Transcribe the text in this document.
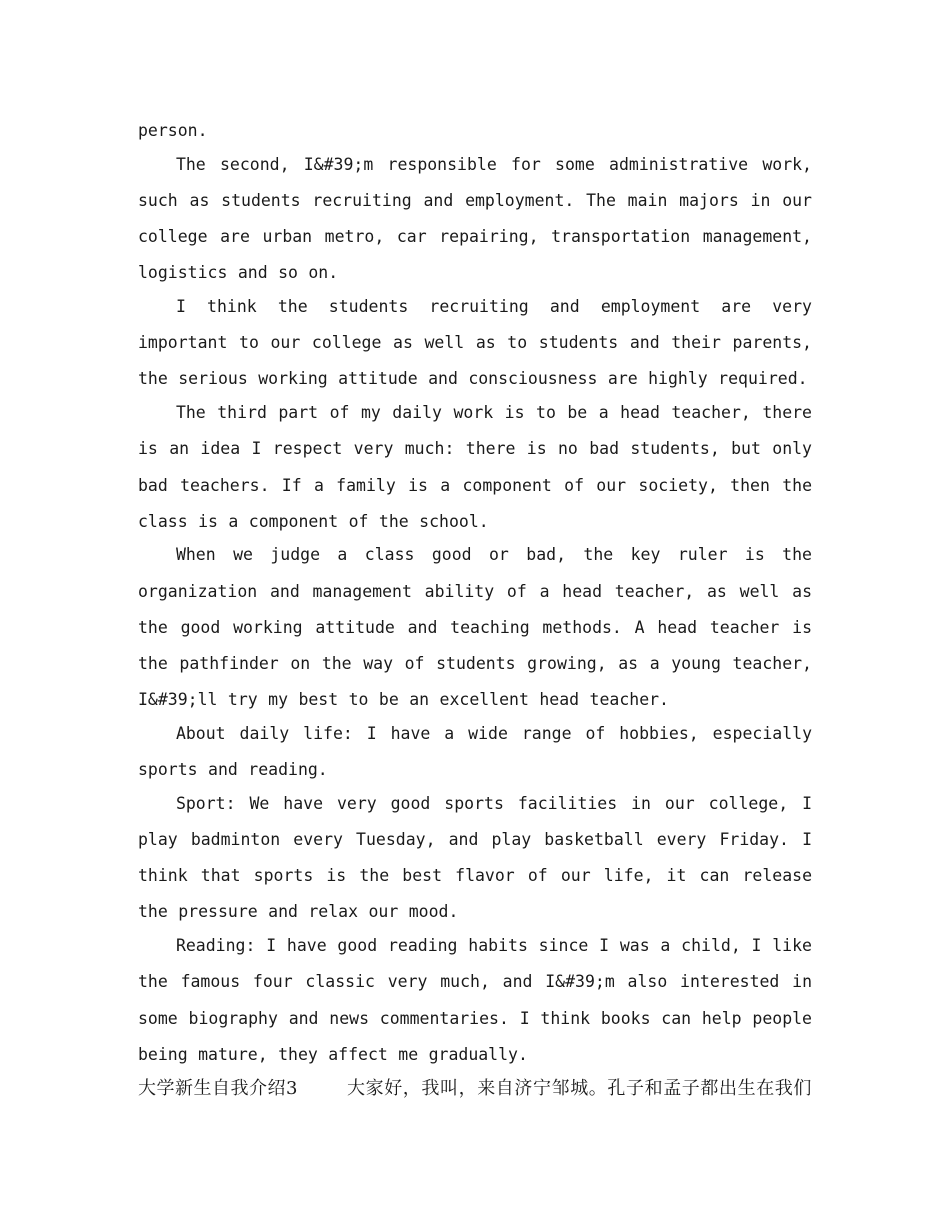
person.

The second, I&#39;m responsible for some administrative work, such as students recruiting and employment. The main majors in our college are urban metro, car repairing, transportation management, logistics and so on.

I think the students recruiting and employment are very important to our college as well as to students and their parents, the serious working attitude and consciousness are highly required.

The third part of my daily work is to be a head teacher, there is an idea I respect very much: there is no bad students, but only bad teachers. If a family is a component of our society, then the class is a component of the school.

When we judge a class good or bad, the key ruler is the organization and management ability of a head teacher, as well as the good working attitude and teaching methods. A head teacher is the pathfinder on the way of students growing, as a young teacher, I&#39;ll try my best to be an excellent head teacher.

About daily life: I have a wide range of hobbies, especially sports and reading.

Sport: We have very good sports facilities in our college, I play badminton every Tuesday, and play basketball every Friday. I think that sports is the best flavor of our life, it can release the pressure and relax our mood.

Reading: I have good reading habits since I was a child, I like the famous four classic very much, and I&#39;m also interested in some biography and news commentaries. I think books can help people being mature, they affect me gradually.

大学新生自我介绍3	大家好，我叫，来自济宁邹城。孔子和孟子都出生在我们
